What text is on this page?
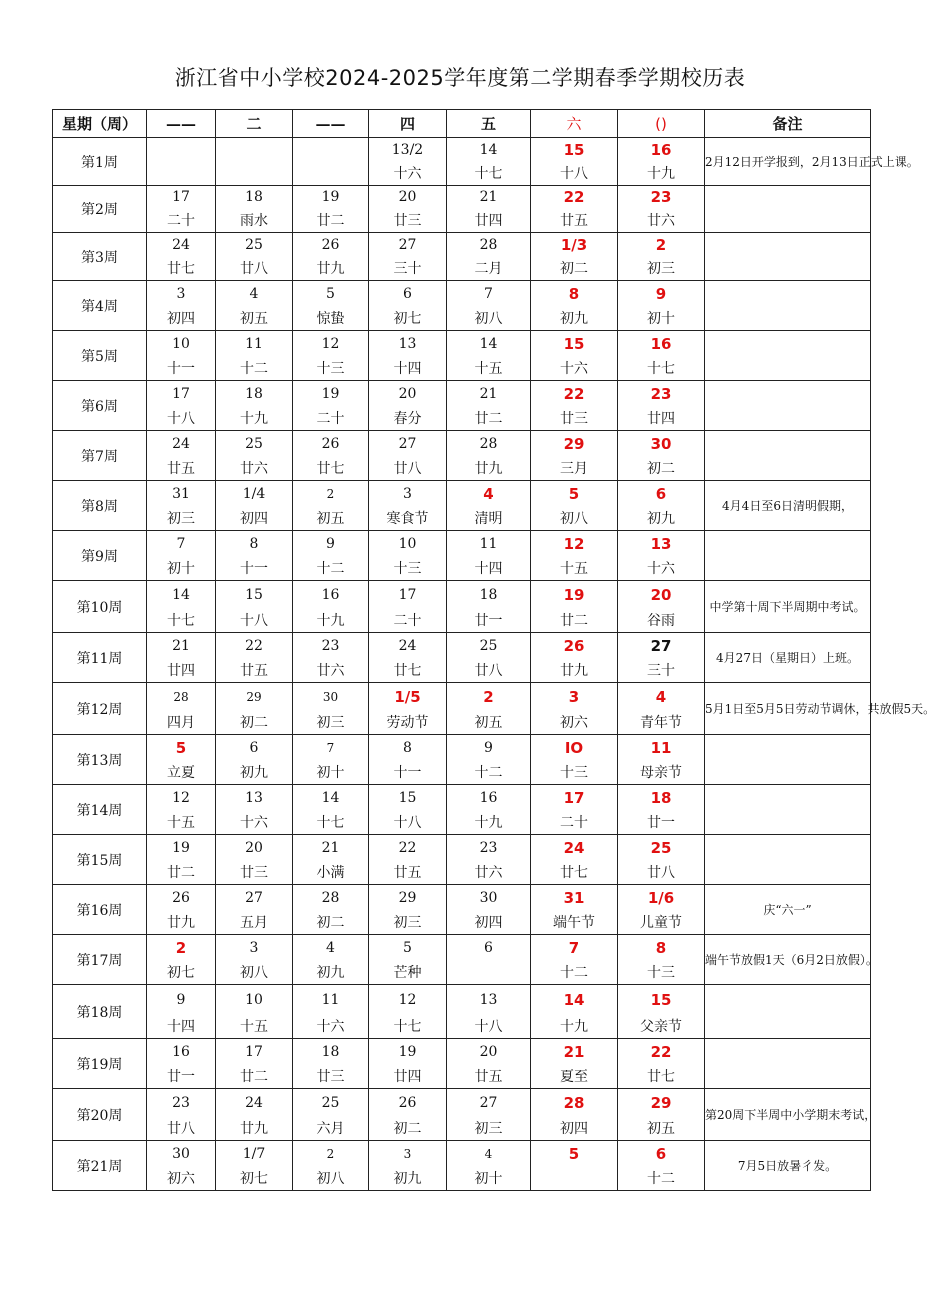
浙江省中小学校2024-2025学年度第二学期春季学期校历表
星期（周）	——	二	——	四	五	六	()	备注
第1周				13/2	14	15	16	2月12日开学报到，2月13日正式上课。
				十六	十七	十八	十九	
第2周	17	18	19	20	21	22	23	
	二十	雨水	廿二	廿三	廿四	廿五	廿六	
第3周	24	25	26	27	28	1/3	2	
	廿七	廿八	廿九	三十	二月	初二	初三	
第4周	3	4	5	6	7	8	9	
	初四	初五	惊蛰	初七	初八	初九	初十	
第5周	10	11	12	13	14	15	16	
	十一	十二	十三	十四	十五	十六	十七	
第6周	17	18	19	20	21	22	23	
	十八	十九	二十	春分	廿二	廿三	廿四	
第7周	24	25	26	27	28	29	30	
	廿五	廿六	廿七	廿八	廿九	三月	初二	
第8周	31	1/4	2	3	4	5	6	4月4日至6日清明假期，
	初三	初四	初五	寒食节	清明	初八	初九	
第9周	7	8	9	10	11	12	13	
	初十	十一	十二	十三	十四	十五	十六	
第10周	14	15	16	17	18	19	20	中学第十周下半周期中考试。
	十七	十八	十九	二十	廿一	廿二	谷雨	
第11周	21	22	23	24	25	26	27	4月27日（星期日）上班。
	廿四	廿五	廿六	廿七	廿八	廿九	三十	
第12周	28	29	30	1/5	2	3	4	5月1日至5月5日劳动节调休，共放假5天。
	四月	初二	初三	劳动节	初五	初六	青年节	
第13周	5	6	7	8	9	IO	11	
	立夏	初九	初十	十一	十二	十三	母亲节	
第14周	12	13	14	15	16	17	18	
	十五	十六	十七	十八	十九	二十	廿一	
第15周	19	20	21	22	23	24	25	
	廿二	廿三	小满	廿五	廿六	廿七	廿八	
第16周	26	27	28	29	30	31	1/6	庆“六一”
	廿九	五月	初二	初三	初四	端午节	儿童节	
第17周	2	3	4	5	6	7	8	端午节放假1天（6月2日放假）。
	初七	初八	初九	芒种		十二	十三	
第18周	9	10	11	12	13	14	15	
	十四	十五	十六	十七	十八	十九	父亲节	
第19周	16	17	18	19	20	21	22	
	廿一	廿二	廿三	廿四	廿五	夏至	廿七	
第20周	23	24	25	26	27	28	29	第20周下半周中小学期末考试，
	廿八	廿九	六月	初二	初三	初四	初五	
第21周	30	1/7	2	3	4	5	6	7月5日放暑彳发。
	初六	初七	初八	初九	初十		十二	
